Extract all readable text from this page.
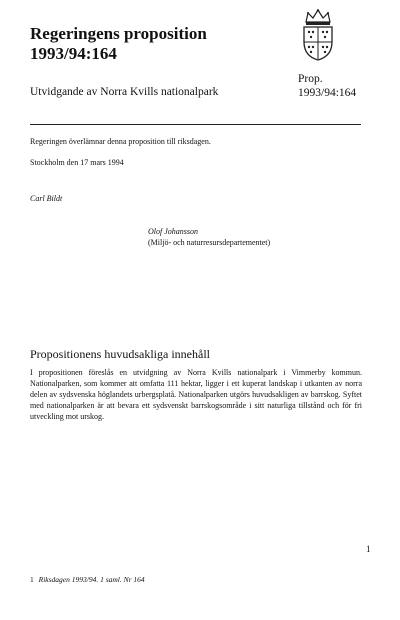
Regeringens proposition
1993/94:164
Utvidgande av Norra Kvills nationalpark
Prop.
1993/94:164
Regeringen överlämnar denna proposition till riksdagen.
Stockholm den 17 mars 1994
Carl Bildt
Olof Johansson
(Miljö- och naturresursdepartementet)
Propositionens huvudsakliga innehåll
I propositionen föreslås en utvidgning av Norra Kvills nationalpark i Vimmerby kommun. Nationalparken, som kommer att omfatta 111 hektar, ligger i ett kuperat landskap i utkanten av norra delen av sydsvenska höglandets urbergsplatå. Nationalparken utgörs huvudsakligen av barrskog. Syftet med nationalparken är att bevara ett sydsvenskt barrskogsområde i sitt naturliga tillstånd och för fri utveckling mot urskog.
1
1 Riksdagen 1993/94. 1 saml. Nr 164
